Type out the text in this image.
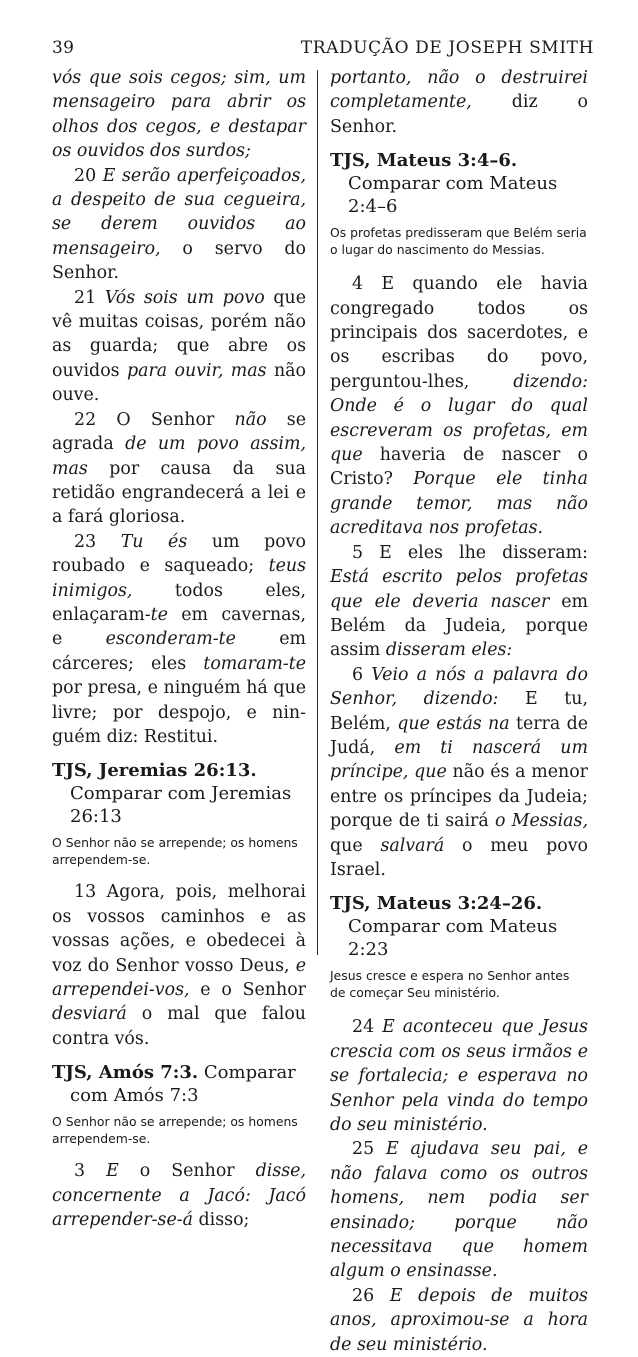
39	TRADUÇÃO DE JOSEPH SMITH

vós que sois cegos; sim, um mensageiro para abrir os olhos dos cegos, e destapar os ouvidos dos surdos;

20 E serão aperfeiçoados, a despeito de sua cegueira, se derem ouvidos ao mensageiro, o servo do Senhor.

21 Vós sois um povo que vê muitas coisas, porém não as guarda; que abre os ouvidos para ouvir, mas não ouve.

22 O Senhor não se agrada de um povo assim, mas por causa da sua retidão engrandecerá a lei e a fará gloriosa.

23 Tu és um povo roubado e saqueado; teus inimigos, todos eles, enlaçaram-te em cavernas, e esconderam-te em cárceres; eles tomaram-te por presa, e ninguém há que livre; por despojo, e ninguém diz: Restitui.

TJS, Jeremias 26:13. Comparar com Jeremias 26:13
O Senhor não se arrepende; os homens arrependem-se.

13 Agora, pois, melhorai os vossos caminhos e as vossas ações, e obedecei à voz do Senhor vosso Deus, e arrependei-vos, e o Senhor desviará o mal que falou contra vós.

TJS, Amós 7:3. Comparar com Amós 7:3
O Senhor não se arrepende; os homens arrependem-se.

3 E o Senhor disse, concernente a Jacó: Jacó arrepender-se-á disso;

portanto, não o destruirei completamente, diz o Senhor.

TJS, Mateus 3:4–6. Comparar com Mateus 2:4–6
Os profetas predisseram que Belém seria o lugar do nascimento do Messias.

4 E quando ele havia congregado todos os principais dos sacerdotes, e os escribas do povo, perguntou-lhes, dizendo: Onde é o lugar do qual escreveram os profetas, em que haveria de nascer o Cristo? Porque ele tinha grande temor, mas não acreditava nos profetas.

5 E eles lhe disseram: Está escrito pelos profetas que ele deveria nascer em Belém da Judeia, porque assim disseram eles:

6 Veio a nós a palavra do Senhor, dizendo: E tu, Belém, que estás na terra de Judá, em ti nascerá um príncipe, que não és a menor entre os príncipes da Judeia; porque de ti sairá o Messias, que salvará o meu povo Israel.

TJS, Mateus 3:24–26. Comparar com Mateus 2:23
Jesus cresce e espera no Senhor antes de começar Seu ministério.

24 E aconteceu que Jesus crescia com os seus irmãos e se fortalecia; e esperava no Senhor pela vinda do tempo do seu ministério.

25 E ajudava seu pai, e não falava como os outros homens, nem podia ser ensinado; porque não necessitava que homem algum o ensinasse.

26 E depois de muitos anos, aproximou-se a hora de seu ministério.
